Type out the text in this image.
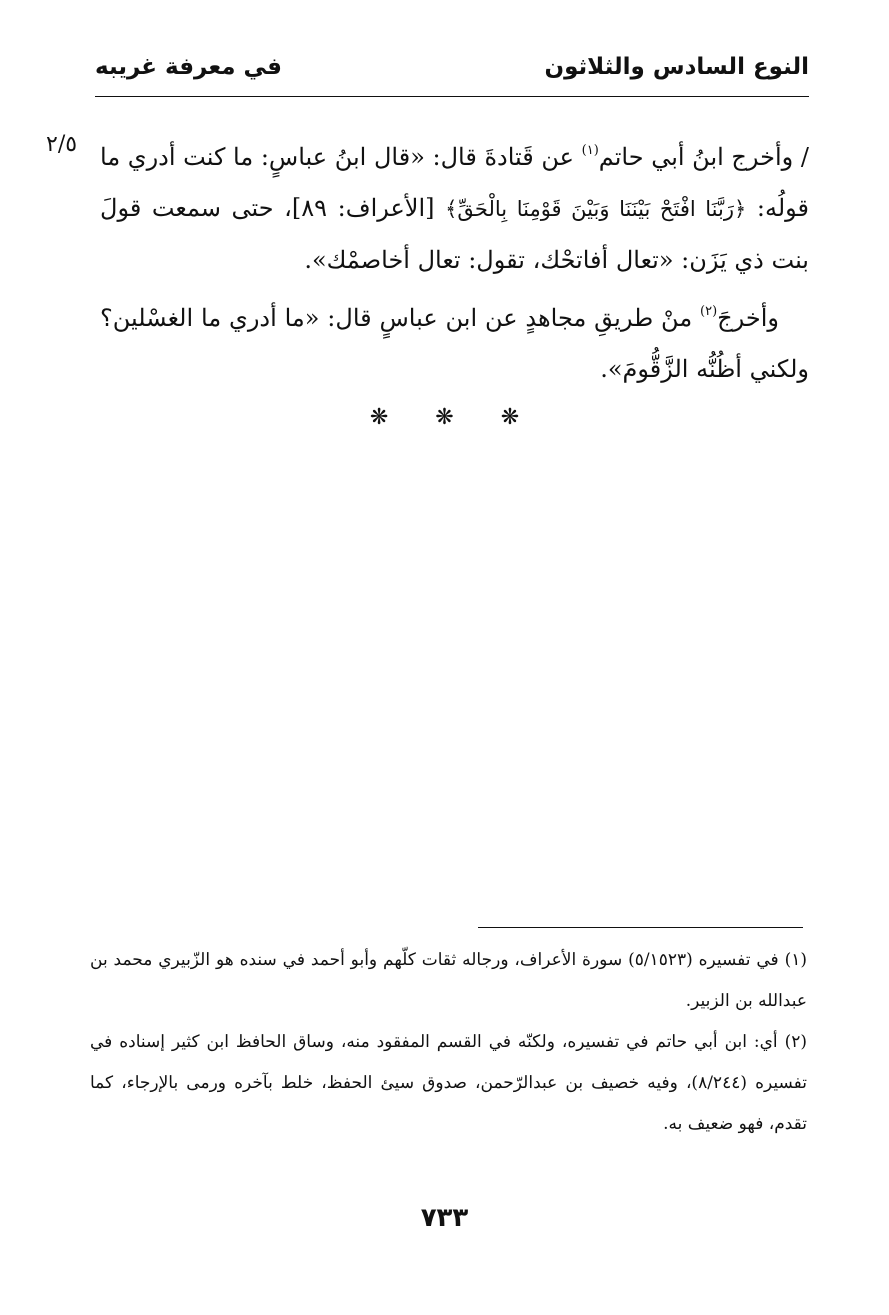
النوع السادس والثلاثون
في معرفة غريبه
٢/٥	/ وأخرج ابنُ أبي حاتم$^{(١)}$ عن قَتادةَ قال: «قال ابنُ عباسٍ: ما كنت أدري ما قولُه: ﴿رَبَّنَا افْتَحْ بَيْنَنَا وَبَيْنَ قَوْمِنَا بِالْحَقِّ﴾ [الأعراف: ٨٩]، حتى سمعت قولَ بنت ذي يَزَن: «تعال أفاتحْك، تقول: تعال أخاصمْك».

وأخرجَ$^{(٢)}$ منْ طريقِ مجاهدٍ عن ابن عباسٍ قال: «ما أدري ما الغسْلين؟ ولكني أظُنُّه الزَّقُّومَ».

❋ ❋ ❋

(١) في تفسيره (٥/١٥٢٣) سورة الأعراف، ورجاله ثقات كلّهم وأبو أحمد في سنده هو الزّبيري محمد بن عبدالله بن الزبير.

(٢) أي: ابن أبي حاتم في تفسيره، ولكنّه في القسم المفقود منه، وساق الحافظ ابن كثير إسناده في تفسيره (٨/٢٤٤)، وفيه خصيف بن عبدالرّحمن، صدوق سيئ الحفظ، خلط بآخره ورمى بالإرجاء، كما تقدم، فهو ضعيف به.

٧٣٣
